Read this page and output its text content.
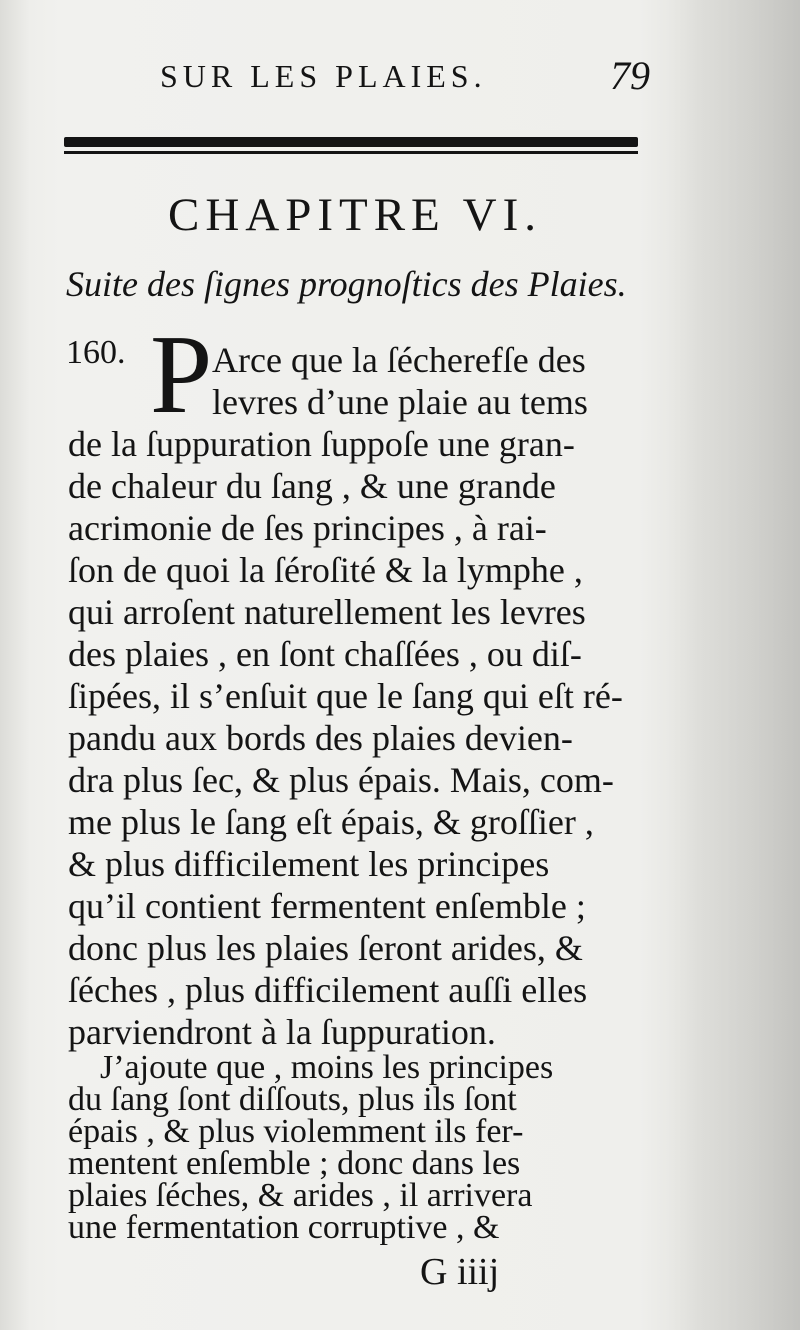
SUR LES PLAIES.	79
CHAPITRE VI.
Suite des ſignes prognoſtics des Plaies.
160. P Arce que la ſécherefſe des
levres d’une plaie au tems
de la ſuppuration ſuppoſe une gran-
de chaleur du ſang , & une grande
acrimonie de ſes principes , à rai-
ſon de quoi la ſéroſité & la lymphe ,
qui arroſent naturellement les levres
des plaies , en ſont chaſſées , ou diſ-
ſipées, il s’enſuit que le ſang qui eſt ré-
pandu aux bords des plaies devien-
dra plus ſec, & plus épais. Mais, com-
me plus le ſang eſt épais, & groſſier ,
& plus difficilement les principes
qu’il contient fermentent enſemble ;
donc plus les plaies ſeront arides, &
ſéches , plus difficilement auſſi elles
parviendront à la ſuppuration.
J’ajoute que , moins les principes
du ſang ſont diſſouts, plus ils ſont
épais , & plus violemment ils fer-
mentent enſemble ; donc dans les
plaies ſéches, & arides , il arrivera
une fermentation corruptive , &
G iiij
